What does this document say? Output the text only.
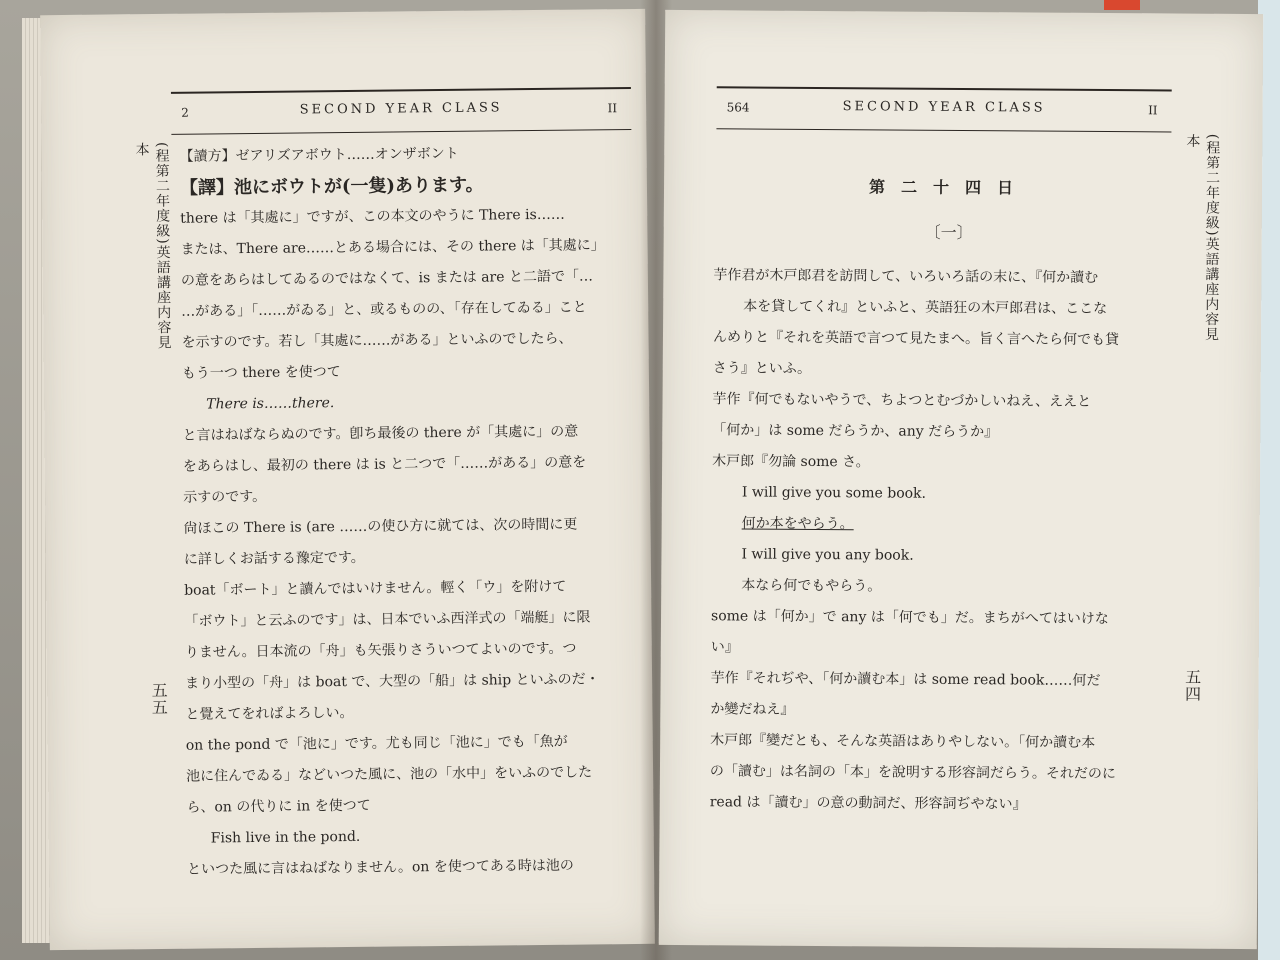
2	SECOND YEAR CLASS	II
(程第二年度級)英語講座内容見本
五五

【讀方】ゼアリズアボウト……オンザボント

【譯】池にボウトが(一隻)あります。

there は「其處に」ですが、この本文のやうに There is……

または、There are……とある場合には、その there は「其處に」

の意をあらはしてゐるのではなくて、is または are と二語で「…

…がある」「……がゐる」と、或るものの、「存在してゐる」こと

を示すのです。若し「其處に……がある」といふのでしたら、

もう一つ there を使つて

There is……there.

と言はねばならぬのです。卽ち最後の there が「其處に」の意

をあらはし、最初の there は is と二つで「……がある」の意を

示すのです。

尙ほこの There is (are ……の使ひ方に就ては、次の時間に更

に詳しくお話する豫定です。

boat「ボート」と讀んではいけません。輕く「ウ」を附けて

「ボウト」と云ふのです」は、日本でいふ西洋式の「端艇」に限

りません。日本流の「舟」も矢張りさういつてよいのです。つ

まり小型の「舟」は boat で、大型の「船」は ship といふのだ・

と覺えてをればよろしい。

on the pond で「池に」です。尤も同じ「池に」でも「魚が

池に住んでゐる」などいつた風に、池の「水中」をいふのでした

ら、on の代りに in を使つて

Fish live in the pond.

といつた風に言はねばなりません。on を使つてある時は池の

564	SECOND YEAR CLASS	II
(程第二年度級)英語講座内容見本
五四
第二十四日
〔一〕

芋作君が木戸郎君を訪問して、いろいろ話の末に、『何か讀む

本を貸してくれ』といふと、英語狂の木戸郎君は、ここな

んめりと『それを英語で言つて見たまへ。旨く言へたら何でも貸

さう』といふ。

芋作『何でもないやうで、ちよつとむづかしいねえ、ええと

「何か」は some だらうか、any だらうか』

木戸郎『勿論 some さ。

I will give you some book.

何か本をやらう。

I will give you any book.

本なら何でもやらう。

some は「何か」で any は「何でも」だ。まちがへてはいけな

い』

芋作『それぢや、「何か讀む本」は some read book……何だ

か變だねえ』

木戸郎『變だとも、そんな英語はありやしない。「何か讀む本

の「讀む」は名詞の「本」を說明する形容詞だらう。それだのに

read は「讀む」の意の動詞だ、形容詞ぢやない』
